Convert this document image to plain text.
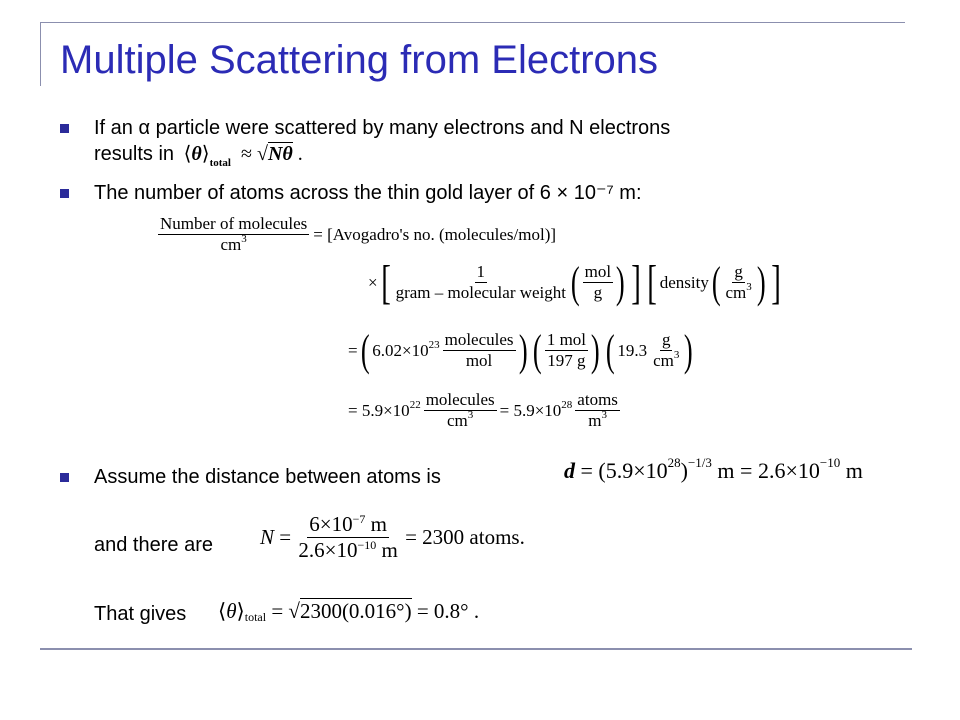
Multiple Scattering from Electrons
If an α particle were scattered by many electrons and N electrons
results in $⟨\theta⟩_{total} \approx √N\theta$ .
The number of atoms across the thin gold layer of 6 × 10⁻⁷ m:
$\frac{\text{Number of molecules}}{cm^3}$ = [Avogadro's no. (molecules/mol)]
× [ $\frac{1}{\text{gram – molecular weight}}$ ( $\frac{\text{mol}}{g}$ ) ] [ density ( $\frac{g}{cm^3}$ ) ]
= ( $6.02\times 10^{23} \frac{\text{molecules}}{\text{mol}}$ ) ( $\frac{\text{1 mol}}{197 g}$ ) ( $19.3 \frac{g}{cm^3}$ )
= $5.9\times 10^{22} \frac{\text{molecules}}{cm^3} = 5.9\times 10^{28} \frac{\text{atoms}}{m^3}$
Assume the distance between atoms is	d = (5.9×10 28 ) −1/3 m = 2.6×10 −10 m
and there are $N = \frac{6\times 10^{-7} m}{2.6\times 10^{-10} m} = 2300$ atoms.
That gives ⟨ θ ⟩ total = √ 2300(0.016°) = 0.8° .
